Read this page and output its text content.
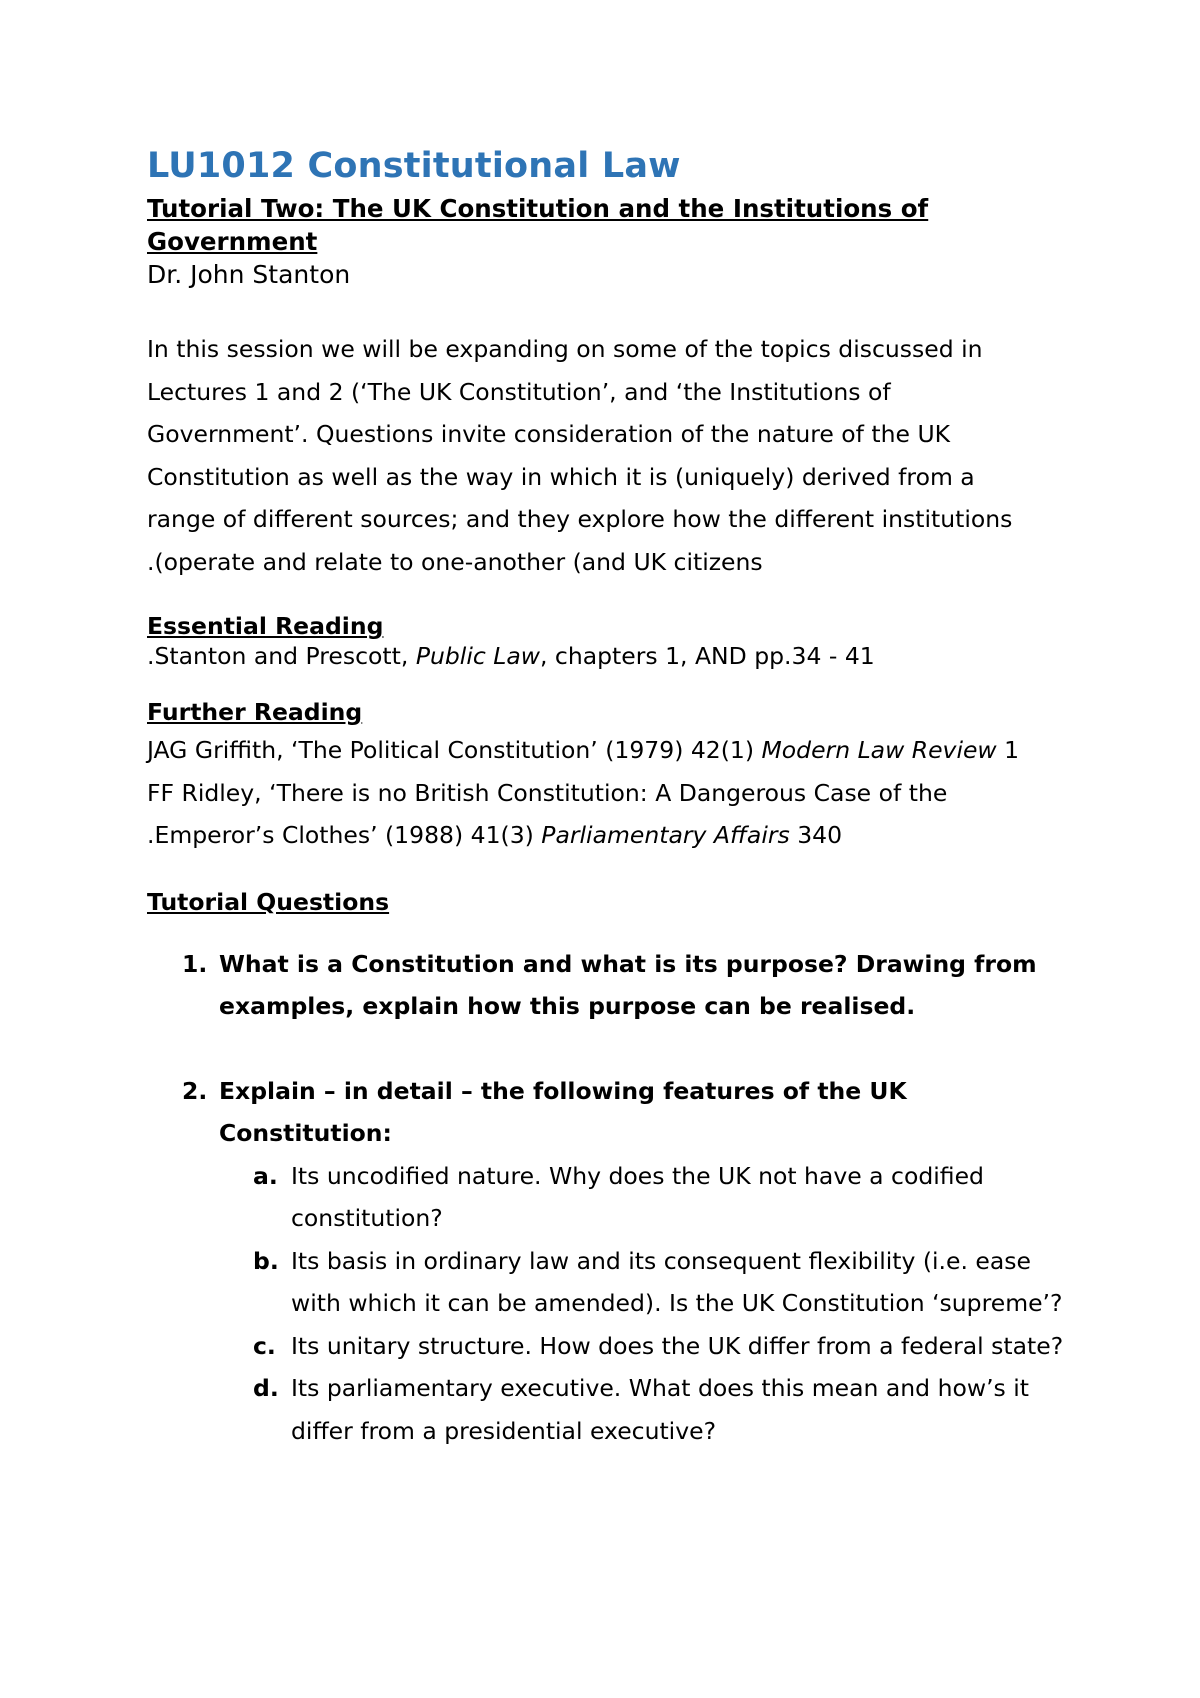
LU1012 Constitutional Law
Tutorial Two: The UK Constitution and the Institutions of Government

Dr. John Stanton

In this session we will be expanding on some of the topics discussed in
Lectures 1 and 2 (‘The UK Constitution’, and ‘the Institutions of
Government’. Questions invite consideration of the nature of the UK
Constitution as well as the way in which it is (uniquely) derived from a
range of different sources; and they explore how the different institutions
.(operate and relate to one-another (and UK citizens

Essential Reading

.Stanton and Prescott, Public Law, chapters 1, AND pp.34 - 41

Further Reading

JAG Griffith, ‘The Political Constitution’ (1979) 42(1) Modern Law Review 1

FF Ridley, ‘There is no British Constitution: A Dangerous Case of the
.Emperor’s Clothes’ (1988) 41(3) Parliamentary Affairs 340

Tutorial Questions
1. What is a Constitution and what is its purpose? Drawing from examples, explain how this purpose can be realised.
2. Explain – in detail – the following features of the UK Constitution:
a. Its uncodified nature. Why does the UK not have a codified constitution?
b. Its basis in ordinary law and its consequent flexibility (i.e. ease with which it can be amended). Is the UK Constitution ‘supreme’?
c. Its unitary structure. How does the UK differ from a federal state?
d. Its parliamentary executive. What does this mean and how’s it differ from a presidential executive?
